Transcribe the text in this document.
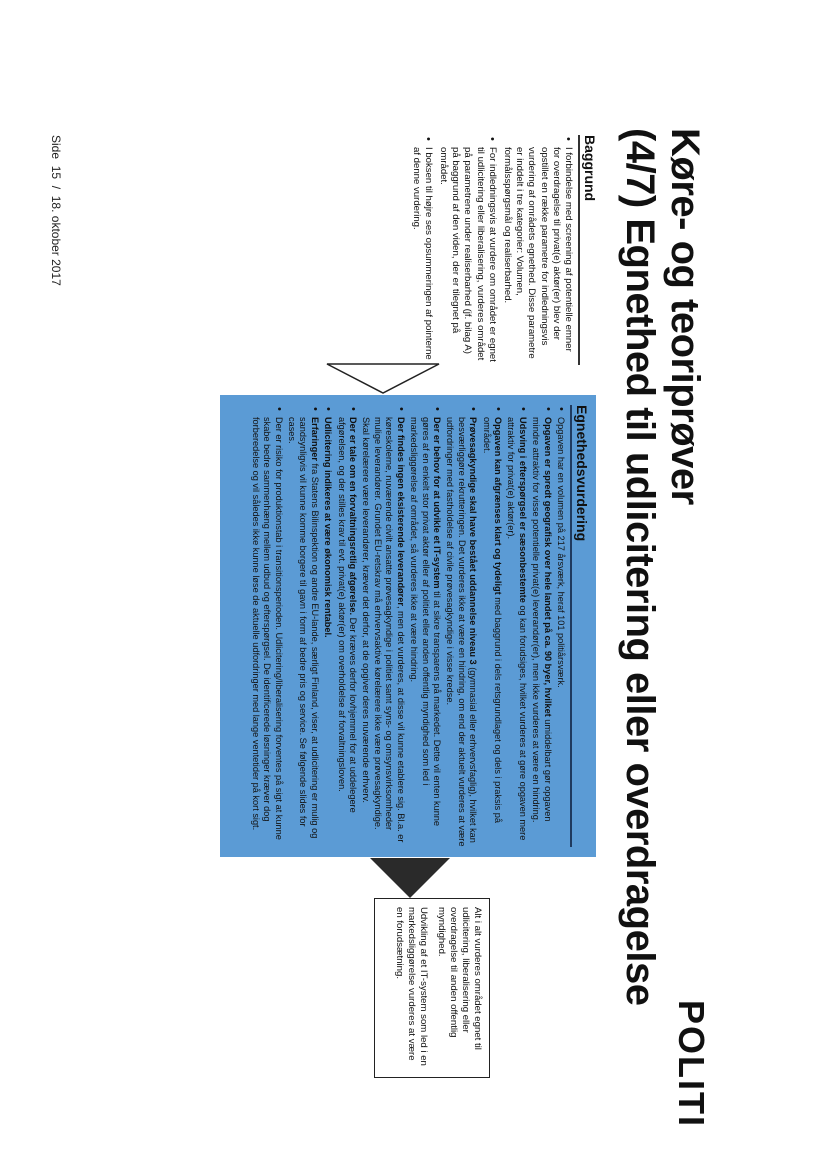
Køre- og teoriprøver
(4/7) Egnethed til udlicitering eller overdragelse
POLITI
Baggrund
• I forbindelse med screening af potentielle emner for overdragelse til privat(e) aktør(er) blev der opstillet en række parametre for indledningsvis vurdering af områdets egnethed. Disse parametre er inddelt i tre kategorier: Volumen, formålsspørgsmål og realiserbarhed.
• For indledningsvis at vurdere om området er egnet til udlicitering eller liberalisering, vurderes området på parametrene under realiserbarhed (jf. bilag A) på baggrund af den viden, der er tilegnet på området.
• I boksen til højre ses opsummeringen af pointerne af denne vurdering.
Egnethedsvurdering
• Opgaven har en volumen på 217 årsværk, heraf 101 politiårsværk.
• Opgaven er spredt geografisk over hele landet på ca. 90 byer, hvilket umiddelbart gør opgaven mindre attraktiv for visse potentielle privat(e) leverandør(er), men ikke vurderes at være en hindring.
• Udsving i efterspørgsel er sæsonbestemte og kan forudsiges, hvilket vurderes at gøre opgaven mere attraktiv for privat(e) aktør(er).
• Opgaven kan afgrænses klart og tydeligt med baggrund i dels retsgrundlaget og dels i praksis på området.
• Prøvesagkyndige skal have bestået uddannelse niveau 3 (gymnasial eller erhvervsfaglig), hvilket kan besværliggøre rekrutteringen. Det vurderes ikke at være en hindring, om end der aktuelt vurderes at være udfordringer med fastholdelse af civile prøvesagkyndige i visse kredse.
• Der er behov for at udvikle et IT-system til at sikre transparens på markedet. Dette vil enten kunne gøres af en enkelt stor privat aktør eller af politiet eller anden offentlig myndighed som led i markedsliggørelse af området, så vurderes ikke at være hindring.
• Der findes ingen eksisterende leverandører, men det vurderes, at disse vil kunne etablere sig. Bl.a. er køreskolerne, nuværende civilt ansatte prøvesagkyndige i politiet samt syns- og omsynsvirksomheder mulige leverandører. Grundet EU-retskrav må erhvervsaktive kørelærere ikke være prøvesagkyndige. Skal kørelærere være leverandører, kræver det derfor, at de opgiver deres nuværende erhverv.
• Der er tale om en forvaltningsretlig afgørelse. Der kræves derfor lovhjemmel for at uddelegere afgørelsen, og der stilles krav til evt. privat(e) aktør(er) om overholdelse af forvaltningsloven.
• Udlicitering indikeres at være økonomisk rentabel.
• Erfaringer fra Statens Bilinspektion og andre EU-lande, særligt Finland, viser, at udlicitering er mulig og sandsynligvis vil kunne komme borgere til gavn i form af bedre pris og service. Se følgende slides for cases.
• Der er risiko for produktionstab i transitionsperioden. Udlicitering/liberalisering forventes på sigt at kunne skabe bedre sammenhæng mellem udbud og efterspørgsel. De identificerede løsninger kræver dog forberedelse og vil således ikke kunne løse de aktuelle udfordringer med lange ventetider på kort sigt.

Alt i alt vurderes området egnet til udlicitering, liberalisering eller overdragelse til anden offentlig myndighed.

Udvikling af et IT-system som led i en markedsliggørelse vurderes at være en forudsætning.

Side  15  /  18. oktober 2017
